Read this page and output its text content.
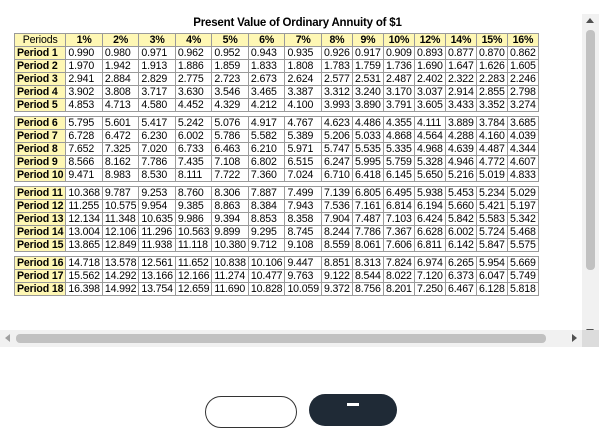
Present Value of Ordinary Annuity of $1
Periods	1%	2%	3%	4%	5%	6%	7%	8%	9%	10%	12%	14%	15%	16%
Period 1	0.990	0.980	0.971	0.962	0.952	0.943	0.935	0.926	0.917	0.909	0.893	0.877	0.870	0.862
Period 2	1.970	1.942	1.913	1.886	1.859	1.833	1.808	1.783	1.759	1.736	1.690	1.647	1.626	1.605
Period 3	2.941	2.884	2.829	2.775	2.723	2.673	2.624	2.577	2.531	2.487	2.402	2.322	2.283	2.246
Period 4	3.902	3.808	3.717	3.630	3.546	3.465	3.387	3.312	3.240	3.170	3.037	2.914	2.855	2.798
Period 5	4.853	4.713	4.580	4.452	4.329	4.212	4.100	3.993	3.890	3.791	3.605	3.433	3.352	3.274

Period 6	5.795	5.601	5.417	5.242	5.076	4.917	4.767	4.623	4.486	4.355	4.111	3.889	3.784	3.685
Period 7	6.728	6.472	6.230	6.002	5.786	5.582	5.389	5.206	5.033	4.868	4.564	4.288	4.160	4.039
Period 8	7.652	7.325	7.020	6.733	6.463	6.210	5.971	5.747	5.535	5.335	4.968	4.639	4.487	4.344
Period 9	8.566	8.162	7.786	7.435	7.108	6.802	6.515	6.247	5.995	5.759	5.328	4.946	4.772	4.607
Period 10	9.471	8.983	8.530	8.111	7.722	7.360	7.024	6.710	6.418	6.145	5.650	5.216	5.019	4.833

Period 11	10.368	9.787	9.253	8.760	8.306	7.887	7.499	7.139	6.805	6.495	5.938	5.453	5.234	5.029
Period 12	11.255	10.575	9.954	9.385	8.863	8.384	7.943	7.536	7.161	6.814	6.194	5.660	5.421	5.197
Period 13	12.134	11.348	10.635	9.986	9.394	8.853	8.358	7.904	7.487	7.103	6.424	5.842	5.583	5.342
Period 14	13.004	12.106	11.296	10.563	9.899	9.295	8.745	8.244	7.786	7.367	6.628	6.002	5.724	5.468
Period 15	13.865	12.849	11.938	11.118	10.380	9.712	9.108	8.559	8.061	7.606	6.811	6.142	5.847	5.575

Period 16	14.718	13.578	12.561	11.652	10.838	10.106	9.447	8.851	8.313	7.824	6.974	6.265	5.954	5.669
Period 17	15.562	14.292	13.166	12.166	11.274	10.477	9.763	9.122	8.544	8.022	7.120	6.373	6.047	5.749
Period 18	16.398	14.992	13.754	12.659	11.690	10.828	10.059	9.372	8.756	8.201	7.250	6.467	6.128	5.818
